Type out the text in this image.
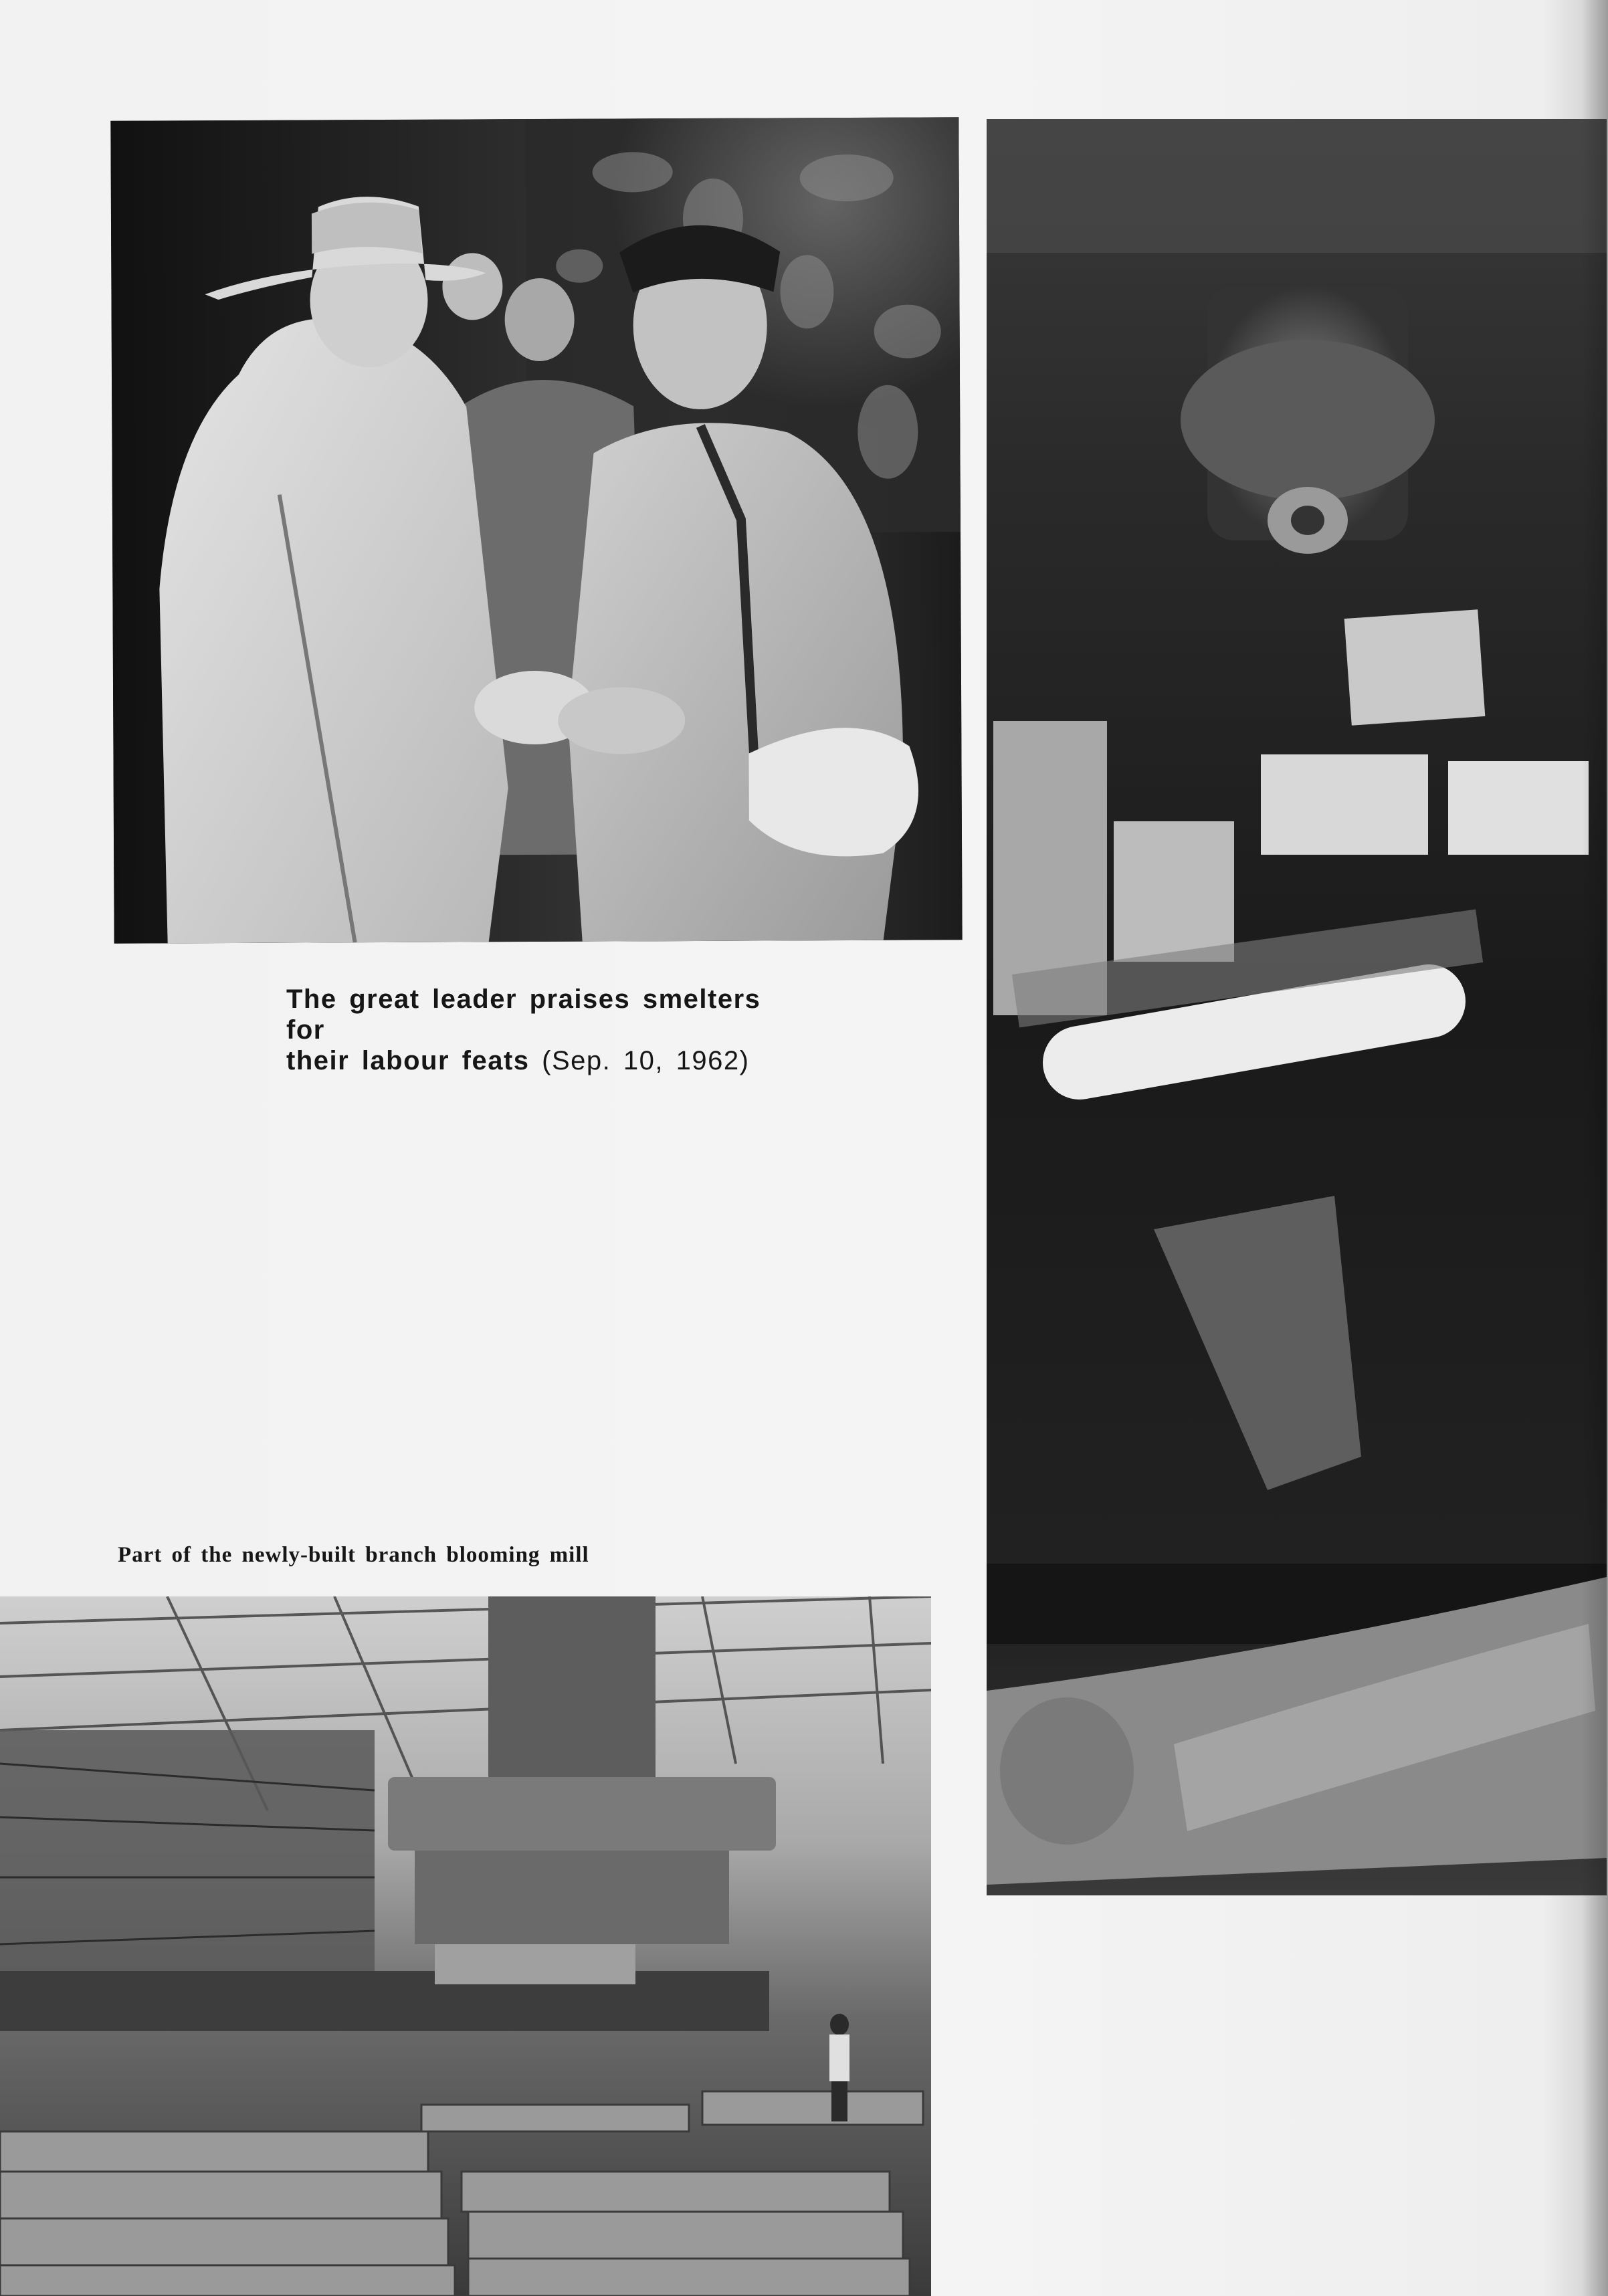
The great leader praises smelters for
their labour feats (Sep. 10, 1962)
Part of the newly-built branch blooming mill
